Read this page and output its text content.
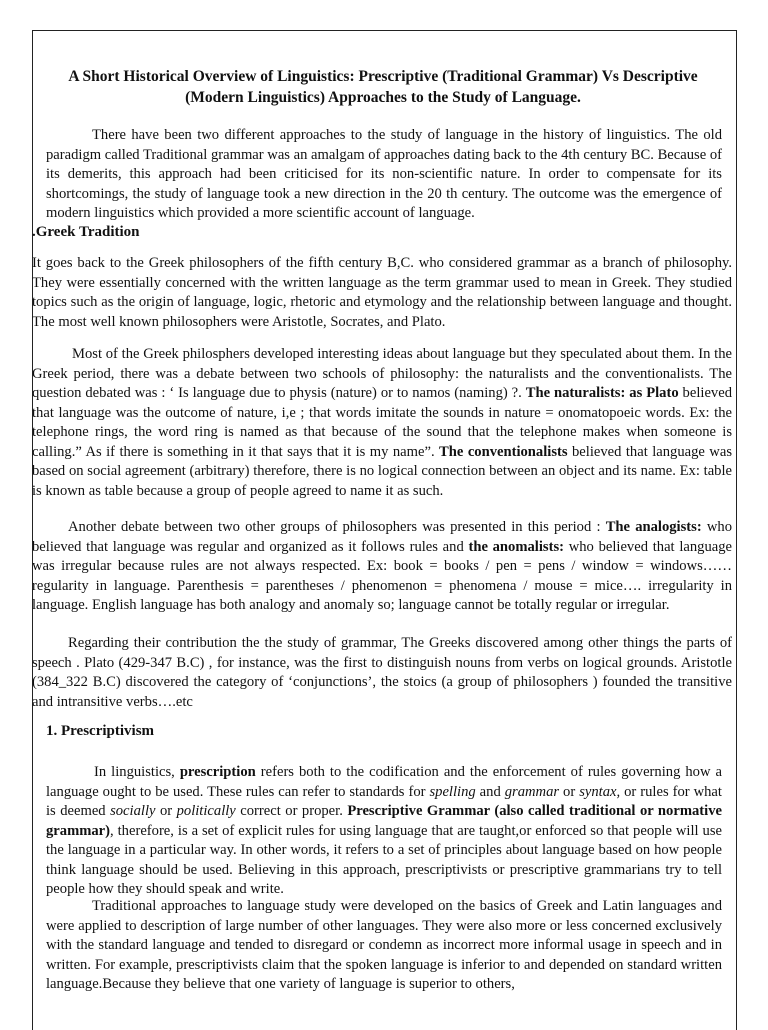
A Short Historical Overview of Linguistics: Prescriptive (Traditional Grammar) Vs Descriptive
(Modern Linguistics) Approaches to the Study of Language.

There have been two different approaches to the study of language in the history of linguistics. The old paradigm called Traditional grammar was an amalgam of approaches dating back to the 4th century BC. Because of its demerits, this approach had been criticised for its non-scientific nature. In order to compensate for its shortcomings, the study of language took a new direction in the 20 th century. The outcome was the emergence of modern linguistics which provided a more scientific account of language.

.Greek Tradition

It goes back to the Greek philosophers of the fifth century B,C. who considered grammar as a branch of philosophy. They were essentially concerned with the written language as the term grammar used to mean in Greek. They studied topics such as the origin of language, logic, rhetoric and etymology and the relationship between language and thought. The most well known philosophers were Aristotle, Socrates, and Plato.

Most of the Greek philosphers developed interesting ideas about language but they speculated about them. In the Greek period, there was a debate between two schools of philosophy: the naturalists and the conventionalists. The question debated was : ‘ Is language due to physis (nature) or to namos (naming) ?. The naturalists: as Plato believed that language was the outcome of nature, i,e ; that words imitate the sounds in nature = onomatopoeic words. Ex: the telephone rings, the word ring is named as that because of the sound that the telephone makes when someone is calling.” As if there is something in it that says that it is my name”. The conventionalists believed that language was based on social agreement (arbitrary) therefore, there is no logical connection between an object and its name. Ex: table is known as table because a group of people agreed to name it as such.

Another debate between two other groups of philosophers was presented in this period : The analogists: who believed that language was regular and organized as it follows rules and the anomalists: who believed that language was irregular because rules are not always respected. Ex: book = books / pen = pens / window = windows…… regularity in language. Parenthesis = parentheses / phenomenon = phenomena / mouse = mice…. irregularity in language. English language has both analogy and anomaly so; language cannot be totally regular or irregular.

Regarding their contribution the the study of grammar, The Greeks discovered among other things the parts of speech . Plato (429-347 B.C) , for instance, was the first to distinguish nouns from verbs on logical grounds. Aristotle (384_322 B.C) discovered the category of ‘conjunctions’, the stoics (a group of philosophers ) founded the transitive and intransitive verbs….etc

1. Prescriptivism

In linguistics, prescription refers both to the codification and the enforcement of rules governing how a language ought to be used. These rules can refer to standards for spelling and grammar or syntax, or rules for what is deemed socially or politically correct or proper. Prescriptive Grammar (also called traditional or normative grammar), therefore, is a set of explicit rules for using language that are taught,or enforced so that people will use the language in a particular way. In other words, it refers to a set of principles about language based on how people think language should be used. Believing in this approach, prescriptivists or prescriptive grammarians try to tell people how they should speak and write.

Traditional approaches to language study were developed on the basics of Greek and Latin languages and were applied to description of large number of other languages. They were also more or less concerned exclusively with the standard language and tended to disregard or condemn as incorrect more informal usage in speech and in written. For example, prescriptivists claim that the spoken language is inferior to and depended on standard written language.Because they believe that one variety of language is superior to others,
